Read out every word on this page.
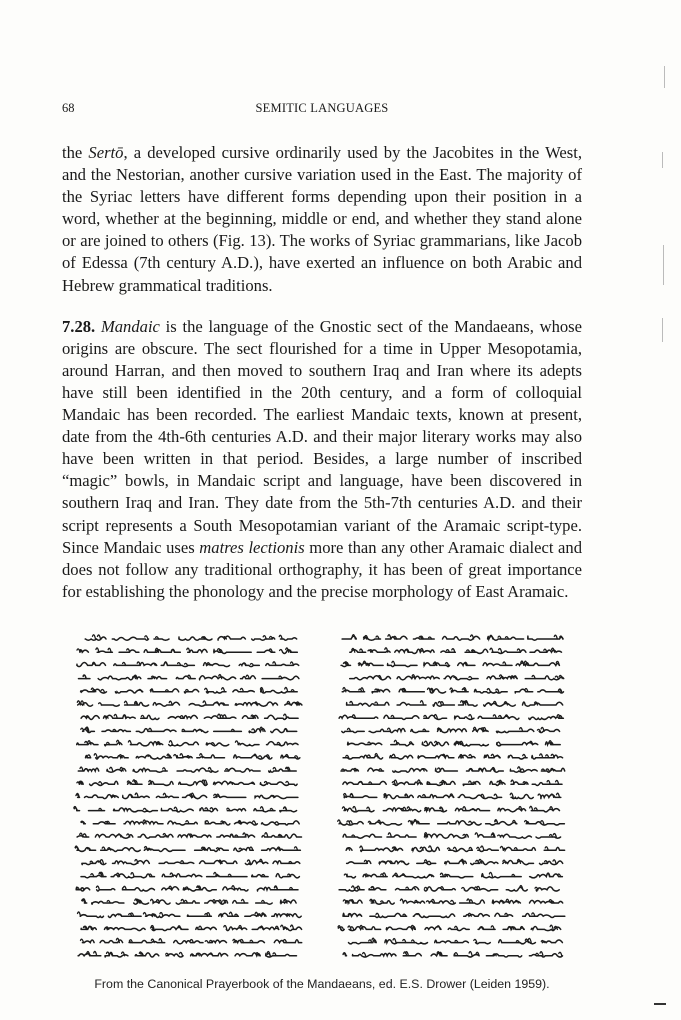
68	SEMITIC LANGUAGES

the Sertō, a developed cursive ordinarily used by the Jacobites in the West, and the Nestorian, another cursive variation used in the East. The majority of the Syriac letters have different forms depending upon their position in a word, whether at the beginning, middle or end, and whether they stand alone or are joined to others (Fig. 13). The works of Syriac grammarians, like Jacob of Edessa (7th century A.D.), have exerted an influence on both Arabic and Hebrew grammatical traditions.

7.28. Mandaic is the language of the Gnostic sect of the Mandaeans, whose origins are obscure. The sect flourished for a time in Upper Mesopotamia, around Harran, and then moved to southern Iraq and Iran where its adepts have still been identified in the 20th century, and a form of colloquial Mandaic has been recorded. The earliest Mandaic texts, known at present, date from the 4th-6th centuries A.D. and their major literary works may also have been written in that period. Besides, a large number of inscribed “magic” bowls, in Mandaic script and language, have been discovered in southern Iraq and Iran. They date from the 5th-7th centuries A.D. and their script represents a South Mesopotamian variant of the Aramaic script-type. Since Mandaic uses matres lectionis more than any other Aramaic dialect and does not follow any traditional orthography, it has been of great importance for establishing the phonology and the precise morphology of East Aramaic.

From the Canonical Prayerbook of the Mandaeans, ed. E.S. Drower (Leiden 1959).
